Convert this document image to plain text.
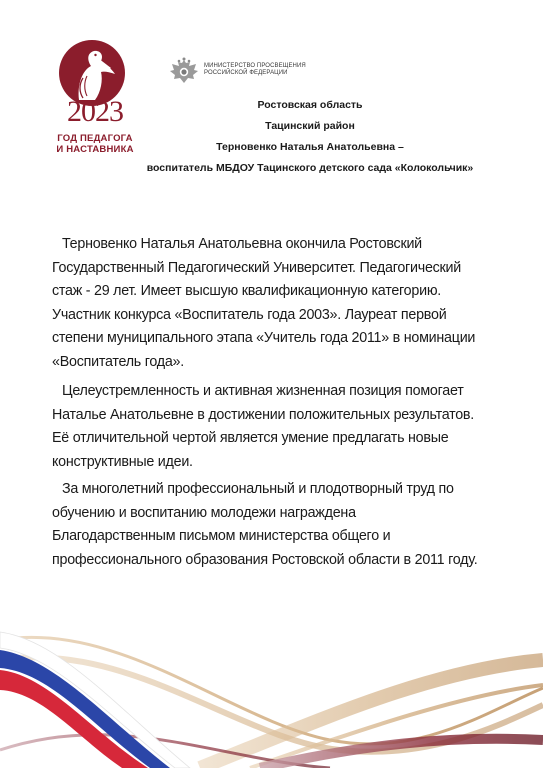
2023
ГОД ПЕДАГОГА
И НАСТАВНИКА
МИНИСТЕРСТВО ПРОСВЕЩЕНИЯ
РОССИЙСКОЙ ФЕДЕРАЦИИ
Ростовская область
Тацинский район
Терновенко Наталья Анатольевна –
воспитатель МБДОУ Тацинского детского сада «Колокольчик»

Терновенко Наталья Анатольевна окончила Ростовский
Государственный Педагогический Университет. Педагогический
стаж - 29 лет. Имеет высшую квалификационную категорию.
Участник конкурса «Воспитатель года 2003». Лауреат первой
степени муниципального этапа «Учитель года 2011» в номинации
«Воспитатель года».

Целеустремленность и активная жизненная позиция помогает
Наталье Анатольевне в достижении положительных результатов.
Её отличительной чертой является умение предлагать новые
конструктивные идеи.

За многолетний профессиональный и плодотворный труд по
обучению и воспитанию молодежи награждена
Благодарственным письмом министерства общего и
профессионального образования Ростовской области в 2011 году.
